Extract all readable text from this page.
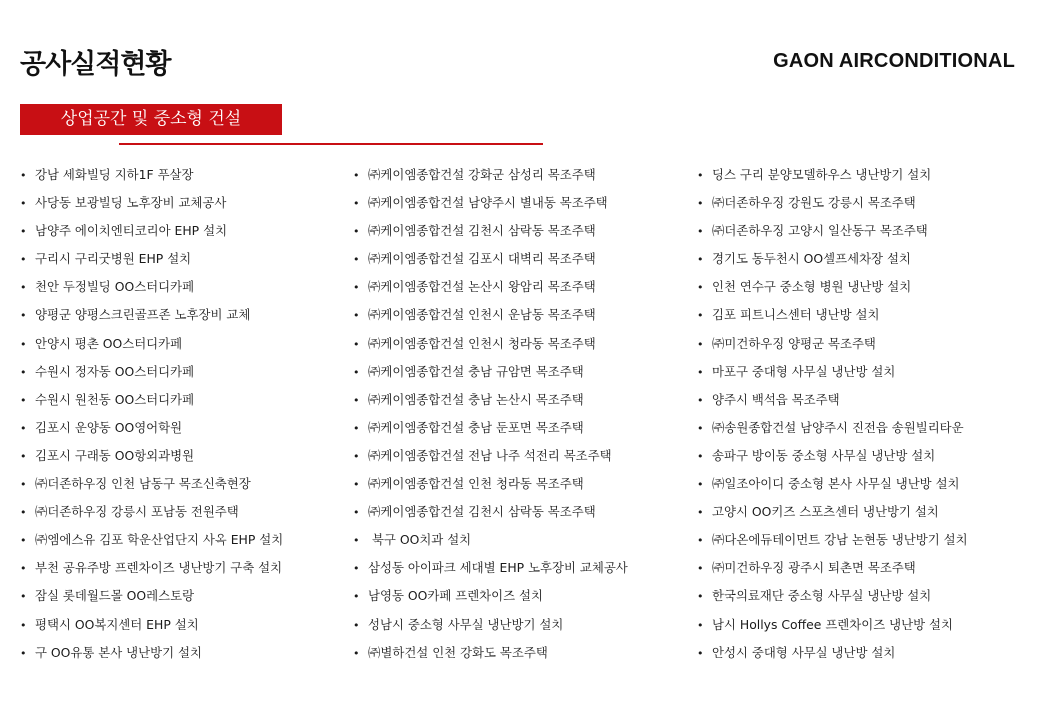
공사실적현황	GAON AIRCONDITIONAL
상업공간 및 중소형 건설
• 강남 세화빌딩 지하1F 푸살장
• 사당동 보광빌딩 노후장비 교체공사
• 남양주 에이치엔티코리아 EHP 설치
• 구리시 구리굿병원 EHP 설치
• 천안 두정빌딩 OO스터디카페
• 양평군 양평스크린골프존 노후장비 교체
• 안양시 평촌 OO스터디카페
• 수원시 정자동 OO스터디카페
• 수원시 원천동 OO스터디카페
• 김포시 운양동 OO영어학원
• 김포시 구래동 OO항외과병원
• ㈜더존하우징 인천 남동구 목조신축현장
• ㈜더존하우징 강릉시 포남동 전원주택
• ㈜엠에스유 김포 학운산업단지 사옥 EHP 설치
• 부천 공유주방 프렌차이즈 냉난방기 구축 설치
• 잠실 롯데월드몰 OO레스토랑
• 평택시 OO복지센터 EHP 설치
• 구 OO유통 본사 냉난방기 설치
• ㈜케이엠종합건설 강화군 삼성리 목조주택
• ㈜케이엠종합건설 남양주시 별내동 목조주택
• ㈜케이엠종합건설 김천시 삼락동 목조주택
• ㈜케이엠종합건설 김포시 대벽리 목조주택
• ㈜케이엠종합건설 논산시 왕암리 목조주택
• ㈜케이엠종합건설 인천시 운남동 목조주택
• ㈜케이엠종합건설 인천시 청라동 목조주택
• ㈜케이엠종합건설 충남 규암면 목조주택
• ㈜케이엠종합건설 충남 논산시 목조주택
• ㈜케이엠종합건설 충남 둔포면 목조주택
• ㈜케이엠종합건설 전남 나주 석전리 목조주택
• ㈜케이엠종합건설 인천 청라동 목조주택
• ㈜케이엠종합건설 김천시 삼락동 목조주택
• 북구 OO치과 설치
• 삼성동 아이파크 세대별 EHP 노후장비 교체공사
• 남영동 OO카페 프렌차이즈 설치
• 성남시 중소형 사무실 냉난방기 설치
• ㈜별하건설 인천 강화도 목조주택
• 딩스 구리 분양모델하우스 냉난방기 설치
• ㈜더존하우징 강원도 강릉시 목조주택
• ㈜더존하우징 고양시 일산동구 목조주택
• 경기도 동두천시 OO셀프세차장 설치
• 인천 연수구 중소형 병원 냉난방 설치
• 김포 피트니스센터 냉난방 설치
• ㈜미건하우징 양평군 목조주택
• 마포구 중대형 사무실 냉난방 설치
• 양주시 백석읍 목조주택
• ㈜송원종합건설 남양주시 진전읍 송원빌리타운
• 송파구 방이동 중소형 사무실 냉난방 설치
• ㈜일조아이디 중소형 본사 사무실 냉난방 설치
• 고양시 OO키즈 스포츠센터 냉난방기 설치
• ㈜다온에듀테이먼트 강남 논현동 냉난방기 설치
• ㈜미건하우징 광주시 퇴촌면 목조주택
• 한국의료재단 중소형 사무실 냉난방 설치
• 남시 Hollys Coffee 프렌차이즈 냉난방 설치
• 안성시 중대형 사무실 냉난방 설치
